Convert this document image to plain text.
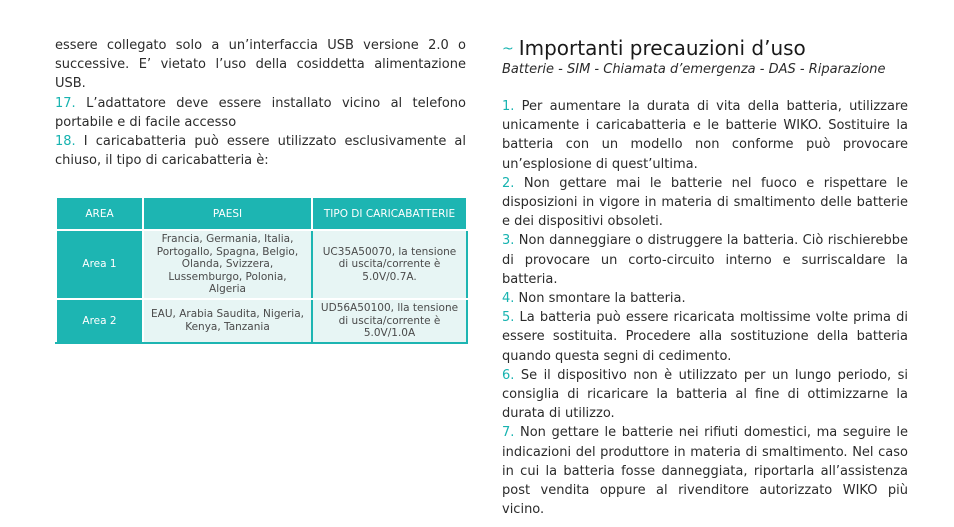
essere collegato solo a un’interfaccia USB versione 2.0 o successive. E’ vietato l’uso della cosiddetta alimentazione USB.

17. L’adattatore deve essere installato vicino al telefono portabile e di facile accesso

18. I caricabatteria può essere utilizzato esclusivamente al chiuso, il tipo di caricabatteria è:

AREA	PAESI	TIPO DI CARICABATTERIE
Area 1	Francia, Germania, Italia, Portogallo, Spagna, Belgio, Olanda, Svizzera, Lussemburgo, Polonia, Algeria	UC35A50070, la tensione di uscita/corrente è 5.0V/0.7A.
Area 2	EAU, Arabia Saudita, Nigeria, Kenya, Tanzania	UD56A50100, lla tensione di uscita/corrente è 5.0V/1.0A
~ Importanti precauzioni d’uso
Batterie - SIM - Chiamata d’emergenza - DAS - Riparazione

1. Per aumentare la durata di vita della batteria, utilizzare unicamente i caricabatteria e le batterie WIKO. Sostituire la batteria con un modello non conforme può provocare un’esplosione di quest’ultima.

2. Non gettare mai le batterie nel fuoco e rispettare le disposizioni in vigore in materia di smaltimento delle batterie e dei dispositivi obsoleti.

3. Non danneggiare o distruggere la batteria. Ciò rischierebbe di provocare un corto-circuito interno e surriscaldare la batteria.

4. Non smontare la batteria.

5. La batteria può essere ricaricata moltissime volte prima di essere sostituita. Procedere alla sostituzione della batteria quando questa segni di cedimento.

6. Se il dispositivo non è utilizzato per un lungo periodo, si consiglia di ricaricare la batteria al fine di ottimizzarne la durata di utilizzo.

7. Non gettare le batterie nei rifiuti domestici, ma seguire le indicazioni del produttore in materia di smaltimento. Nel caso in cui la batteria fosse danneggiata, riportarla all’assistenza post vendita oppure al rivenditore autorizzato WIKO più vicino.
